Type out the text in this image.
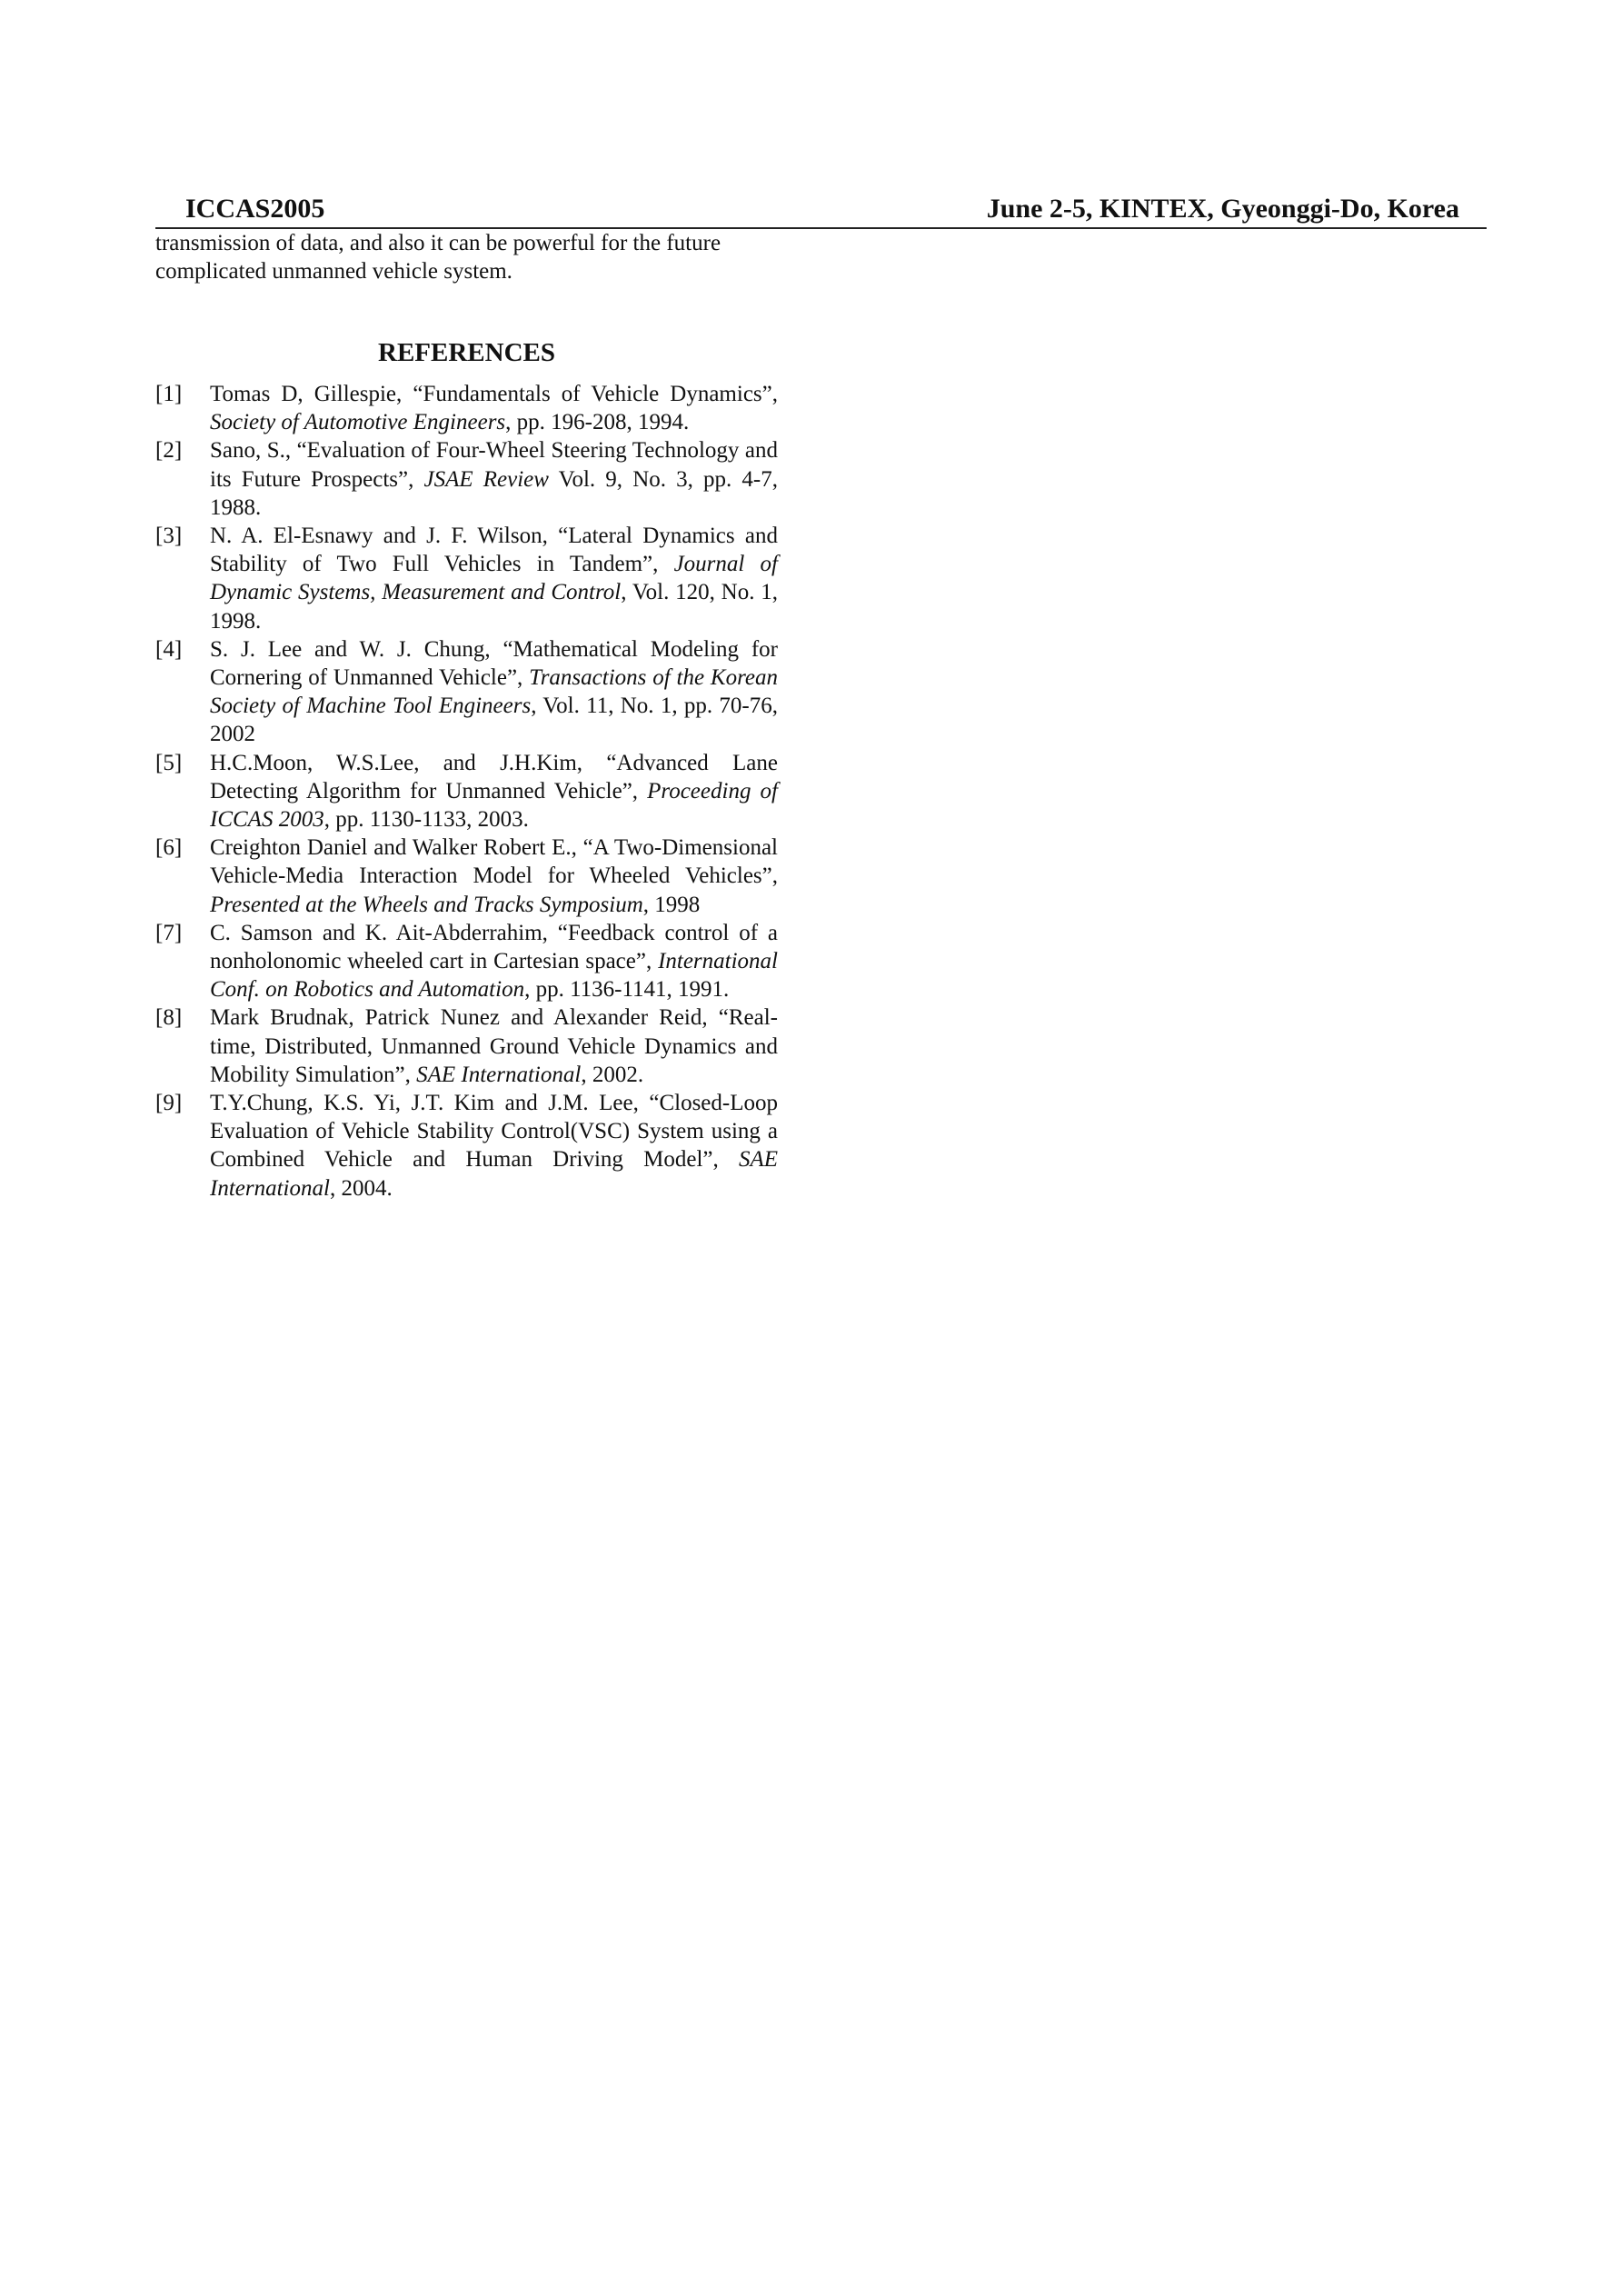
ICCAS2005	June 2-5, KINTEX, Gyeonggi-Do, Korea

transmission of data, and also it can be powerful for the future complicated unmanned vehicle system.

REFERENCES
[1] Tomas D, Gillespie, “Fundamentals of Vehicle Dynamics”, Society of Automotive Engineers, pp. 196-208, 1994.
[2] Sano, S., “Evaluation of Four-Wheel Steering Technology and its Future Prospects”, JSAE Review Vol. 9, No. 3, pp. 4-7, 1988.
[3] N. A. El-Esnawy and J. F. Wilson, “Lateral Dynamics and Stability of Two Full Vehicles in Tandem”, Journal of Dynamic Systems, Measurement and Control, Vol. 120, No. 1, 1998.
[4] S. J. Lee and W. J. Chung, “Mathematical Modeling for Cornering of Unmanned Vehicle”, Transactions of the Korean Society of Machine Tool Engineers, Vol. 11, No. 1, pp. 70-76, 2002
[5] H.C.Moon, W.S.Lee, and J.H.Kim, “Advanced Lane Detecting Algorithm for Unmanned Vehicle”, Proceeding of ICCAS 2003, pp. 1130-1133, 2003.
[6] Creighton Daniel and Walker Robert E., “A Two-Dimensional Vehicle-Media Interaction Model for Wheeled Vehicles”, Presented at the Wheels and Tracks Symposium, 1998
[7] C. Samson and K. Ait-Abderrahim, “Feedback control of a nonholonomic wheeled cart in Cartesian space”, International Conf. on Robotics and Automation, pp. 1136-1141, 1991.
[8] Mark Brudnak, Patrick Nunez and Alexander Reid, “Real-time, Distributed, Unmanned Ground Vehicle Dynamics and Mobility Simulation”, SAE International, 2002.
[9] T.Y.Chung, K.S. Yi, J.T. Kim and J.M. Lee, “Closed-Loop Evaluation of Vehicle Stability Control(VSC) System using a Combined Vehicle and Human Driving Model”, SAE International, 2004.
